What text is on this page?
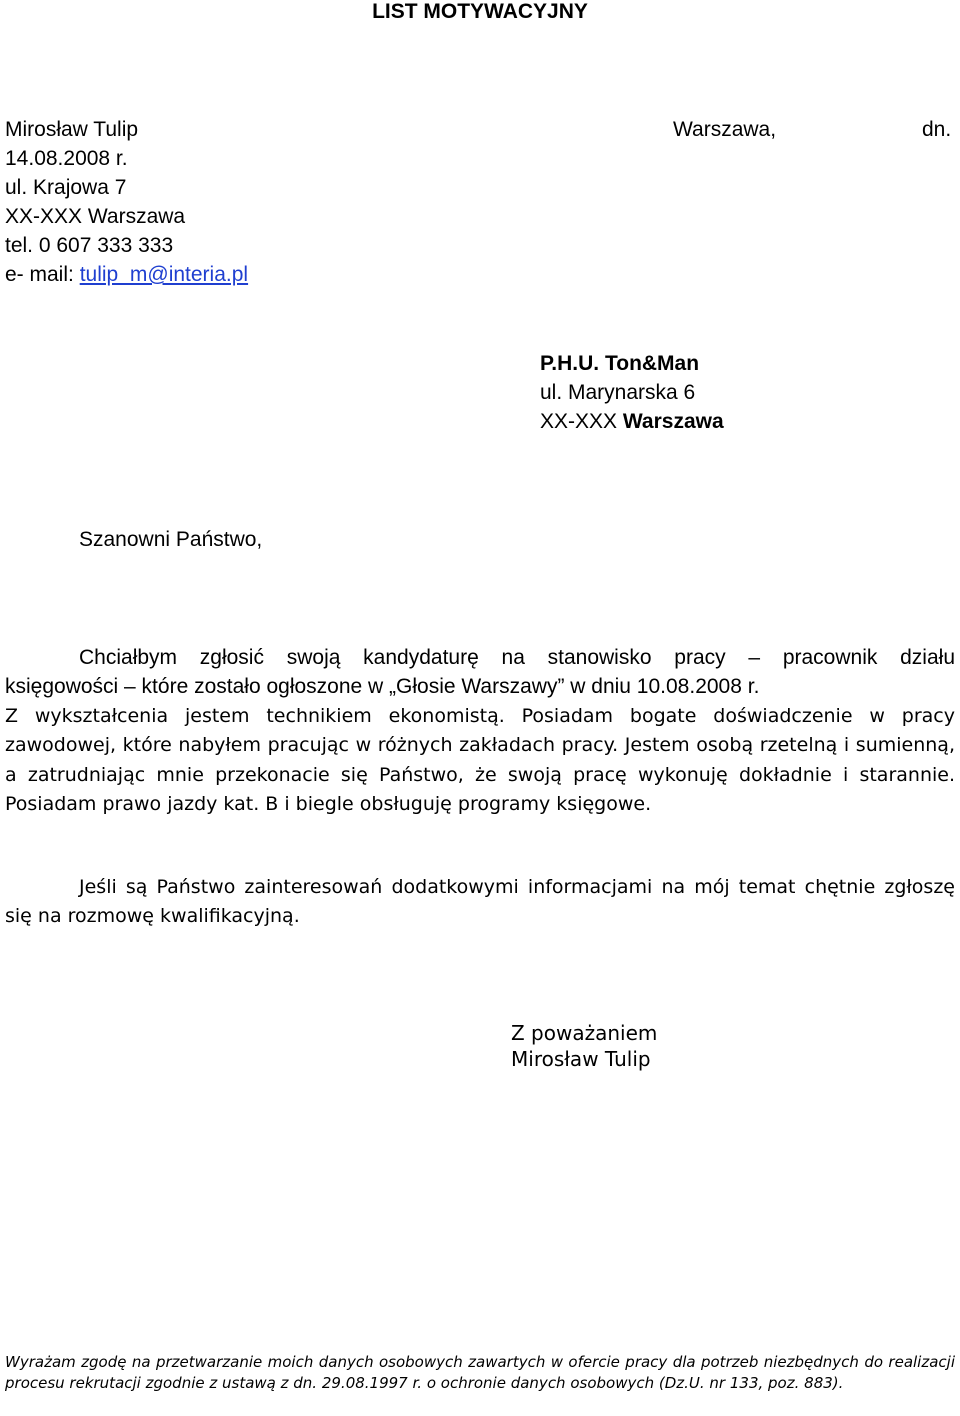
LIST MOTYWACYJNY
Mirosław Tulip
14.08.2008 r.
ul. Krajowa 7
XX-XXX Warszawa
tel. 0 607 333 333
e- mail: tulip_m@interia.pl
Warszawa,	dn.
P.H.U. Ton&Man
ul. Marynarska 6
XX-XXX Warszawa
Szanowni Państwo,
Chciałbym zgłosić swoją kandydaturę na stanowisko pracy – pracownik działu
księgowości – które zostało ogłoszone w „Głosie Warszawy” w dniu 10.08.2008 r.
Z wykształcenia jestem technikiem ekonomistą. Posiadam bogate doświadczenie w pracy zawodowej, które nabyłem pracując w różnych zakładach pracy. Jestem osobą rzetelną i sumienną, a zatrudniając mnie przekonacie się Państwo, że swoją pracę wykonuję dokładnie i starannie. Posiadam prawo jazdy kat. B i biegle obsługuję programy księgowe.
Jeśli są Państwo zainteresowań dodatkowymi informacjami na mój temat chętnie zgłoszę się na rozmowę kwalifikacyjną.
Z poważaniem
Mirosław Tulip
Wyrażam zgodę na przetwarzanie moich danych osobowych zawartych w ofercie pracy dla potrzeb niezbędnych do realizacji procesu rekrutacji zgodnie z ustawą z dn. 29.08.1997 r. o ochronie danych osobowych (Dz.U. nr 133, poz. 883).
